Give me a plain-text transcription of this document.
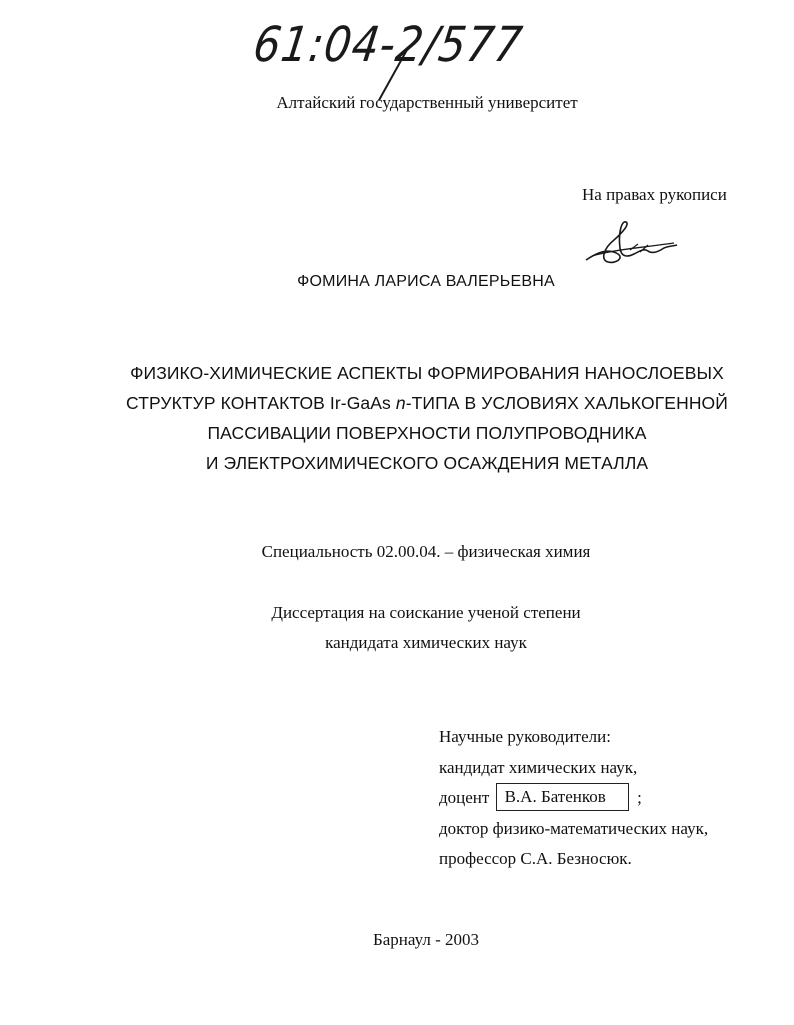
61:04-2/577
Алтайский государственный университет
На правах рукописи
ФОМИНА ЛАРИСА ВАЛЕРЬЕВНА
ФИЗИКО-ХИМИЧЕСКИЕ АСПЕКТЫ ФОРМИРОВАНИЯ НАНОСЛОЕВЫХ
СТРУКТУР КОНТАКТОВ Ir-GaAs n-ТИПА В УСЛОВИЯХ ХАЛЬКОГЕННОЙ
ПАССИВАЦИИ ПОВЕРХНОСТИ ПОЛУПРОВОДНИКА
И ЭЛЕКТРОХИМИЧЕСКОГО ОСАЖДЕНИЯ МЕТАЛЛА
Специальность 02.00.04. – физическая химия
Диссертация на соискание ученой степени
кандидата химических наук
Научные руководители:
кандидат химических наук,
доцент В.А. Батенков ;
доктор физико-математических наук,
профессор С.А. Безносюк.
Барнаул - 2003
